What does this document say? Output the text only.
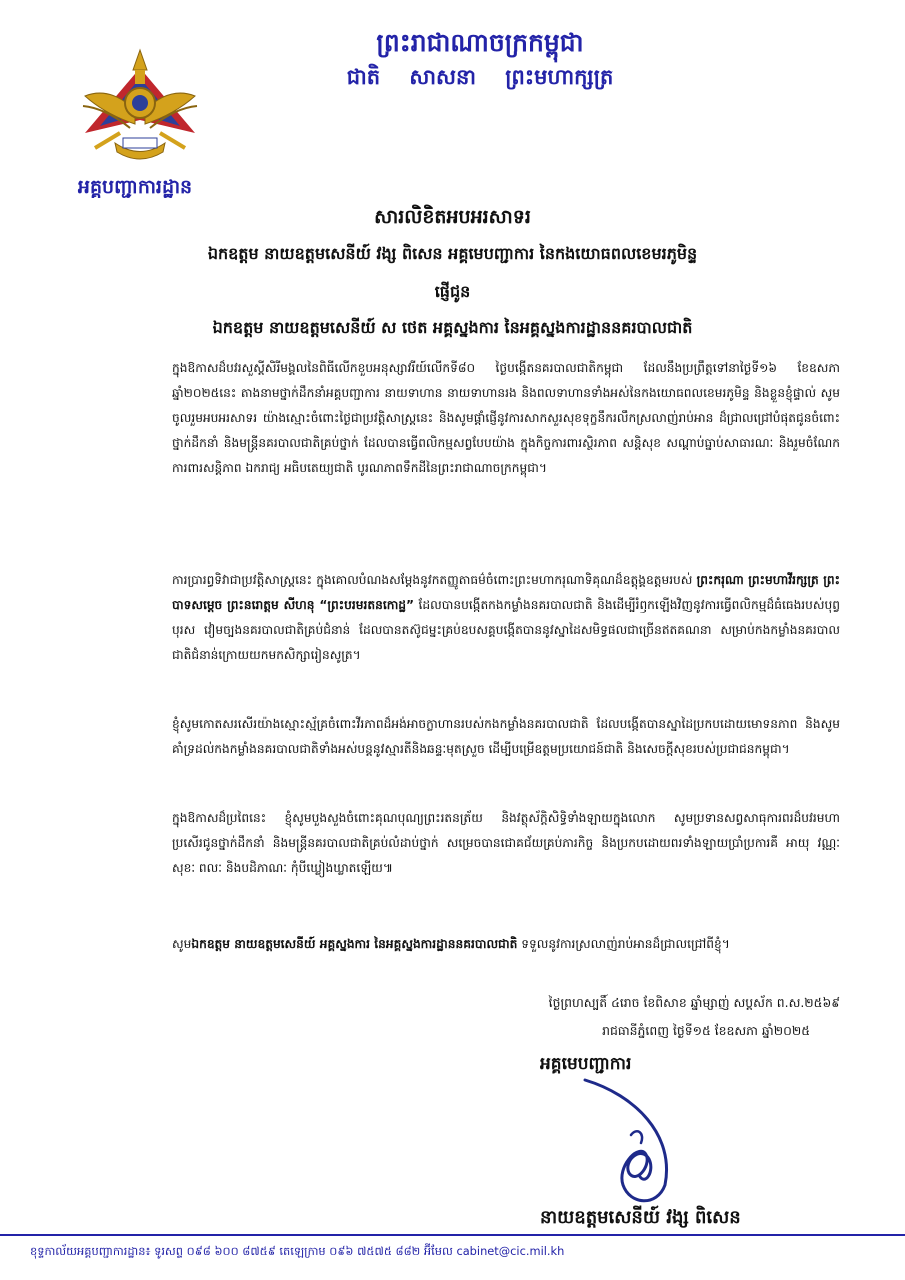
ព្រះរាជាណាចក្រកម្ពុជា
ជាតិ សាសនា ព្រះមហាក្សត្រ
អគ្គបញ្ជាការដ្ឋាន
សារលិខិតអបអរសាទរ
ឯកឧត្តម នាយឧត្តមសេនីយ៍ វង្ស ពិសេន អគ្គមេបញ្ជាការ នៃកងយោធពលខេមរភូមិន្ទ
ផ្ញើជូន
ឯកឧត្តម នាយឧត្តមសេនីយ៍ ស ថេត អគ្គស្នងការ នៃអគ្គស្នងការដ្ឋាននគរបាលជាតិ
ក្នុងឱកាសដ៏បវរសួស្តីសិរីមង្គលនៃពិធីលើកខួបអនុស្សាវរីយ៍លើកទី៨០ ថ្ងៃបង្កើតនគរបាលជាតិកម្ពុជា ដែលនឹងប្រព្រឹត្តទៅនាថ្ងៃទី១៦ ខែឧសភា ឆ្នាំ២០២៥នេះ តាងនាមថ្នាក់ដឹកនាំអគ្គបញ្ជាការ នាយទាហាន នាយទាហានរង និងពលទាហានទាំងអស់នៃកងយោធពលខេមរភូមិន្ទ និងខ្លួនខ្ញុំផ្ទាល់ សូមចូលរួមអបអរសាទរ យ៉ាងស្មោះចំពោះថ្ងៃជាប្រវត្តិសាស្ត្រនេះ និងសូមផ្តាំផ្ញើនូវការសាកសួរសុខទុក្ខនឹករលឹកស្រលាញ់រាប់អាន ដ៏ជ្រាលជ្រៅបំផុតជូនចំពោះថ្នាក់ដឹកនាំ និងមន្ត្រីនគរបាលជាតិគ្រប់ថ្នាក់ ដែលបានធ្វើពលិកម្មសព្វបែបយ៉ាង ក្នុងកិច្ចការពារស្ថិរភាព សន្តិសុខ សណ្តាប់ធ្នាប់សាធារណៈ និងរួមចំណែកការពារសន្តិភាព ឯករាជ្យ អធិបតេយ្យជាតិ បូរណភាពទឹកដីនៃព្រះរាជាណាចក្រកម្ពុជា។
ការប្រារព្ធទិវាជាប្រវត្តិសាស្ត្រនេះ ក្នុងគោលបំណងសម្តែងនូវកតញ្ញូតាធម៌ចំពោះព្រះមហាករុណាទិគុណដ៏ឧត្តុង្គឧត្តមរបស់ ព្រះករុណា ព្រះមហាវីរក្សត្រ ព្រះបាទសម្តេច ព្រះនរោត្តម សីហនុ “ព្រះបរមរតនកោដ្ឋ” ដែលបានបង្កើតកងកម្លាំងនគរបាលជាតិ និងដើម្បីរំឭកឡើងវិញនូវការធ្វើពលិកម្មដ៏ធំធេងរបស់បុព្វបុរស វៀមច្បងនគរបាលជាតិគ្រប់ជំនាន់ ដែលបានតស៊ូជម្នះគ្រប់ឧបសគ្គបង្កើតបាននូវស្នាដៃសមិទ្ធផលជាច្រើនឥតគណនា សម្រាប់កងកម្លាំងនគរបាលជាតិជំនាន់ក្រោយយកមកសិក្សារៀនសូត្រ។
ខ្ញុំសូមកោតសរសើរយ៉ាងស្មោះស្ម័គ្រចំពោះវីរភាពដ៏អង់អាចក្លាហានរបស់កងកម្លាំងនគរបាលជាតិ ដែលបង្កើតបានស្នាដៃប្រកបដោយមោទនភាព និងសូមគាំទ្រដល់កងកម្លាំងនគរបាលជាតិទាំងអស់បន្តនូវស្មារតីនិងឆន្ទៈមុតស្រួច ដើម្បីបម្រើឧត្តមប្រយោជន៍ជាតិ និងសេចក្តីសុខរបស់ប្រជាជនកម្ពុជា។
ក្នុងឱកាសដ៏ប្រពៃនេះ ខ្ញុំសូមបួងសួងចំពោះគុណបុណ្យព្រះរតនត្រ័យ និងវត្ថុស័ក្តិសិទ្ធិទាំងឡាយក្នុងលោក សូមប្រទានសព្វសាធុការពរដ៏បវរមហាប្រសើរជូនថ្នាក់ដឹកនាំ និងមន្ត្រីនគរបាលជាតិគ្រប់លំដាប់ថ្នាក់ សម្រេចបានជោគជ័យគ្រប់ភារកិច្ច និងប្រកបដោយពរទាំងឡាយប្រាំប្រការគឺ អាយុ វណ្ណៈ សុខៈ ពលៈ និងបដិភាណៈ កុំបីឃ្លៀងឃ្លាតឡើយ៕
សូមឯកឧត្តម នាយឧត្តមសេនីយ៍ អគ្គស្នងការ នៃអគ្គស្នងការដ្ឋាននគរបាលជាតិ ទទួលនូវការស្រលាញ់រាប់អានដ៏ជ្រាលជ្រៅពីខ្ញុំ។
ថ្ងៃព្រហស្បតិ៍ ៤រោច ខែពិសាខ ឆ្នាំម្សាញ់ សប្តស័ក ព.ស.២៥៦៩
រាជធានីភ្នំពេញ ថ្ងៃទី១៥ ខែឧសភា ឆ្នាំ២០២៥
អគ្គមេបញ្ជាការ
នាយឧត្តមសេនីយ៍ វង្ស ពិសេន
ខុទ្ទកាល័យអគ្គបញ្ជាការដ្ឋាន៖ ទូរសព្ទ ០៩៨ ៦០០ ៨៧៥៩ តេឡេក្រាម ០៩៦ ៧៥៧៥ ៨៨២ អ៊ីមែល cabinet@cic.mil.kh
